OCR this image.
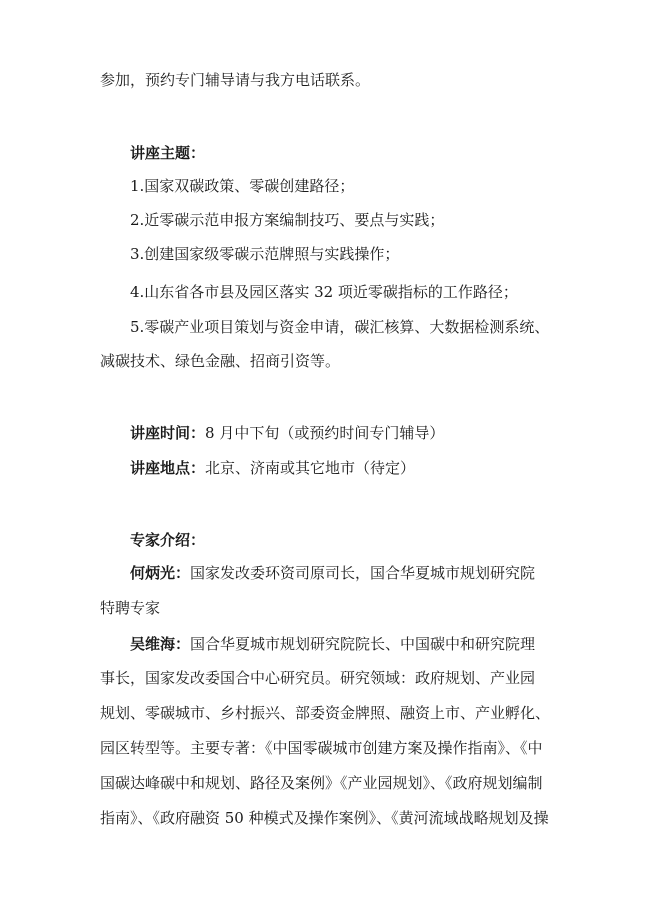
参加，预约专门辅导请与我方电话联系。
讲座主题：
1.国家双碳政策、零碳创建路径；
2.近零碳示范申报方案编制技巧、要点与实践；
3.创建国家级零碳示范牌照与实践操作；
4.山东省各市县及园区落实 32 项近零碳指标的工作路径；
5.零碳产业项目策划与资金申请，碳汇核算、大数据检测系统、
减碳技术、绿色金融、招商引资等。
讲座时间：8 月中下旬（或预约时间专门辅导）
讲座地点：北京、济南或其它地市（待定）
专家介绍：
何炳光：国家发改委环资司原司长，国合华夏城市规划研究院
特聘专家
吴维海：国合华夏城市规划研究院院长、中国碳中和研究院理
事长，国家发改委国合中心研究员。研究领域：政府规划、产业园
规划、零碳城市、乡村振兴、部委资金牌照、融资上市、产业孵化、
园区转型等。主要专著：《中国零碳城市创建方案及操作指南》、《中
国碳达峰碳中和规划、路径及案例》《产业园规划》、《政府规划编制
指南》、《政府融资 50 种模式及操作案例》、《黄河流域战略规划及操
